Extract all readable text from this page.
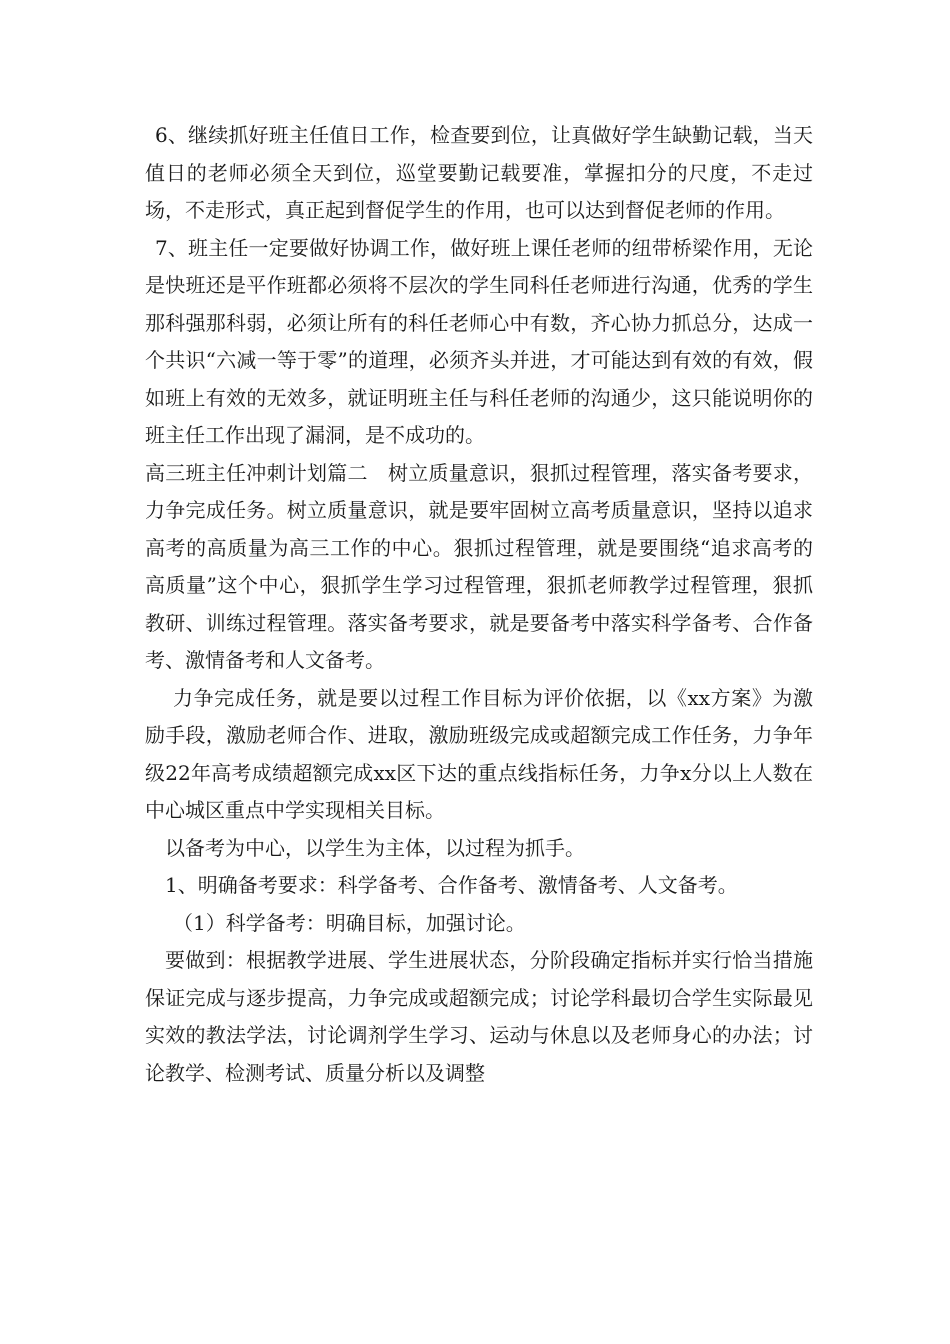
6、继续抓好班主任值日工作，检查要到位，让真做好学生缺勤记载，当天值日的老师必须全天到位，巡堂要勤记载要准，掌握扣分的尺度，不走过场，不走形式，真正起到督促学生的作用，也可以达到督促老师的作用。

7、班主任一定要做好协调工作，做好班上课任老师的纽带桥梁作用，无论是快班还是平作班都必须将不层次的学生同科任老师进行沟通，优秀的学生那科强那科弱，必须让所有的科任老师心中有数，齐心协力抓总分，达成一个共识“六减一等于零”的道理，必须齐头并进，才可能达到有效的有效，假如班上有效的无效多，就证明班主任与科任老师的沟通少，这只能说明你的班主任工作出现了漏洞，是不成功的。

高三班主任冲刺计划篇二　树立质量意识，狠抓过程管理，落实备考要求，力争完成任务。树立质量意识，就是要牢固树立高考质量意识，坚持以追求高考的高质量为高三工作的中心。狠抓过程管理，就是要围绕“追求高考的高质量”这个中心，狠抓学生学习过程管理，狠抓老师教学过程管理，狠抓教研、训练过程管理。落实备考要求，就是要备考中落实科学备考、合作备考、激情备考和人文备考。

力争完成任务，就是要以过程工作目标为评价依据，以《xx方案》为激励手段，激励老师合作、进取，激励班级完成或超额完成工作任务，力争年级22年高考成绩超额完成xx区下达的重点线指标任务，力争x分以上人数在中心城区重点中学实现相关目标。

以备考为中心，以学生为主体，以过程为抓手。

1、明确备考要求：科学备考、合作备考、激情备考、人文备考。

（1）科学备考：明确目标，加强讨论。

要做到：根据教学进展、学生进展状态，分阶段确定指标并实行恰当措施保证完成与逐步提高，力争完成或超额完成；讨论学科最切合学生实际最见实效的教法学法，讨论调剂学生学习、运动与休息以及老师身心的办法；讨论教学、检测考试、质量分析以及调整
